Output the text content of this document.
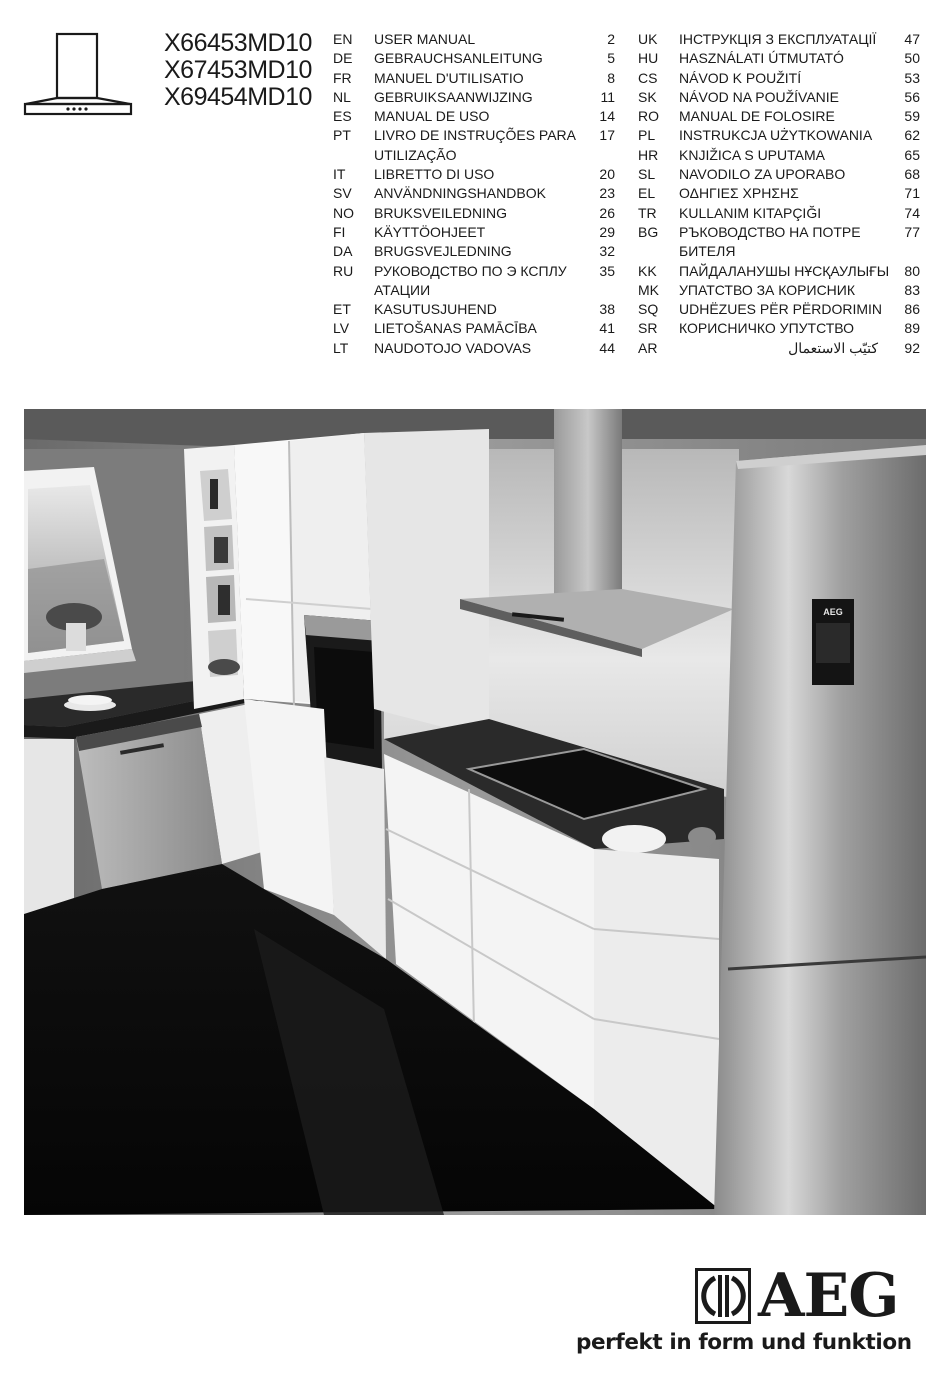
X66453MD10
X67453MD10
X69454MD10
EN USER MANUAL	2
DE GEBRAUCHSANLEITUNG	5
FR MANUEL D'UTILISATIO	8
NL GEBRUIKSAANWIJZING	11
ES MANUAL DE USO	14
PT LIVRO DE INSTRUÇÕES PARA	17
UTILIZAÇÃO
IT LIBRETTO DI USO	20
SV ANVÄNDNINGSHANDBOK	23
NO BRUKSVEILEDNING	26
FI KÄYTTÖOHJEET	29
DA BRUGSVEJLEDNING	32
RU РУКОВОДСТВО ПО Э КСПЛУ	35
АТАЦИИ
ET KASUTUSJUHEND	38
LV LIETOŠANAS PAMĀCĪBA	41
LT NAUDOTOJO VADOVAS	44
UK ІНСТРУКЦІЯ З ЕКСПЛУАТАЦІЇ	47
HU HASZNÁLATI ÚTMUTATÓ	50
CS NÁVOD K POUŽITÍ	53
SK NÁVOD NA POUŽÍVANIE	56
RO MANUAL DE FOLOSIRE	59
PL INSTRUKCJA UŻYTKOWANIA	62
HR KNJIŽICA S UPUTAMA	65
SL NAVODILO ZA UPORABO	68
EL ΟΔΗΓΙΕΣ ΧΡΗΣΗΣ	71
TR KULLANIM KITAPÇIĞI	74
BG РЪКОВОДСТВО НА ПОТРЕ	77
БИТЕЛЯ
KK ПАЙДАЛАНУШЫ НҰСҚАУЛЫҒЫ	80
MK УПАТСТВО ЗА КОРИСНИК	83
SQ UDHËZUES PËR PËRDORIMIN	86
SR КОРИСНИЧКО УПУТСТВО	89
AR	كتيّب الاستعمال	92
AEG
AEG
perfekt in form und funktion
